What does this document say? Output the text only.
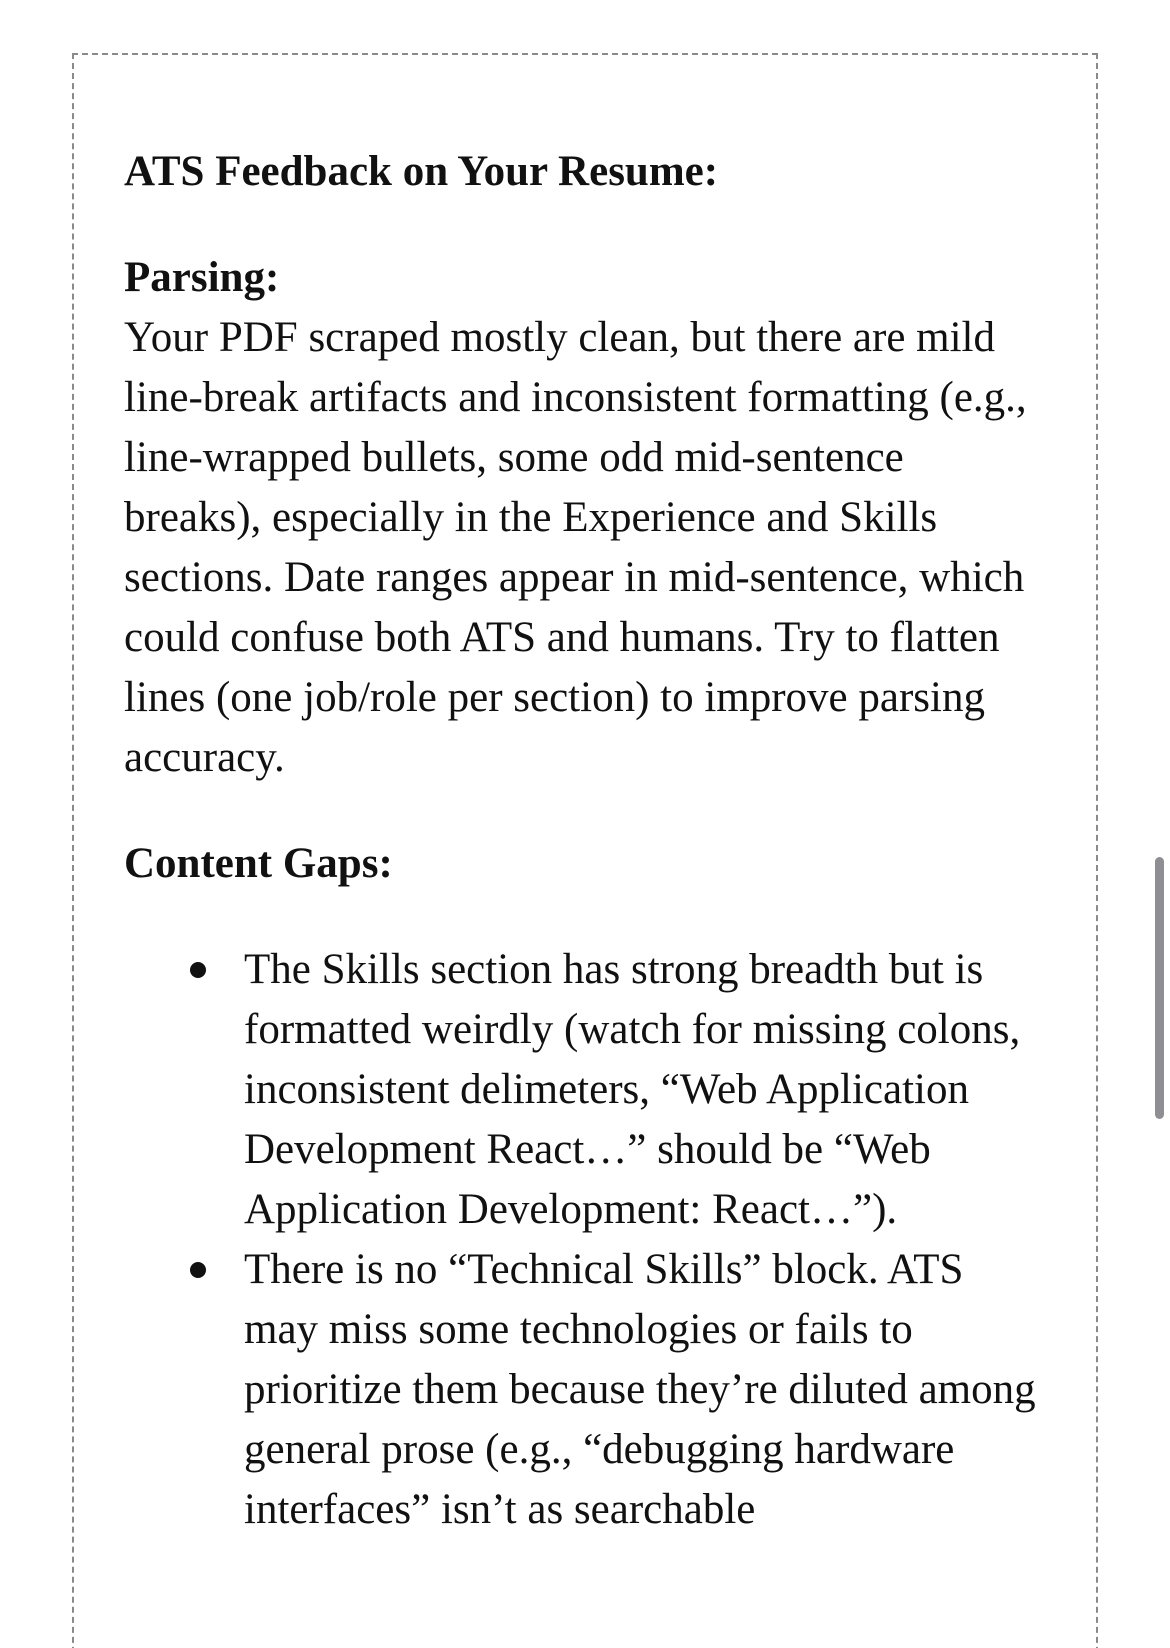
ATS Feedback on Your Resume:

Parsing:

Your PDF scraped mostly clean, but there are mild line-break artifacts and inconsistent formatting (e.g., line-wrapped bullets, some odd mid-sentence breaks), especially in the Experience and Skills sections. Date ranges appear in mid-sentence, which could confuse both ATS and humans. Try to flatten lines (one job/role per section) to improve parsing accuracy.

Content Gaps:

The Skills section has strong breadth but is formatted weirdly (watch for missing colons, inconsistent delimeters, “Web Application Development React…” should be “Web Application Development: React…”).
There is no “Technical Skills” block. ATS may miss some technologies or fails to prioritize them because they’re diluted among general prose (e.g., “debugging hardware interfaces” isn’t as searchable
